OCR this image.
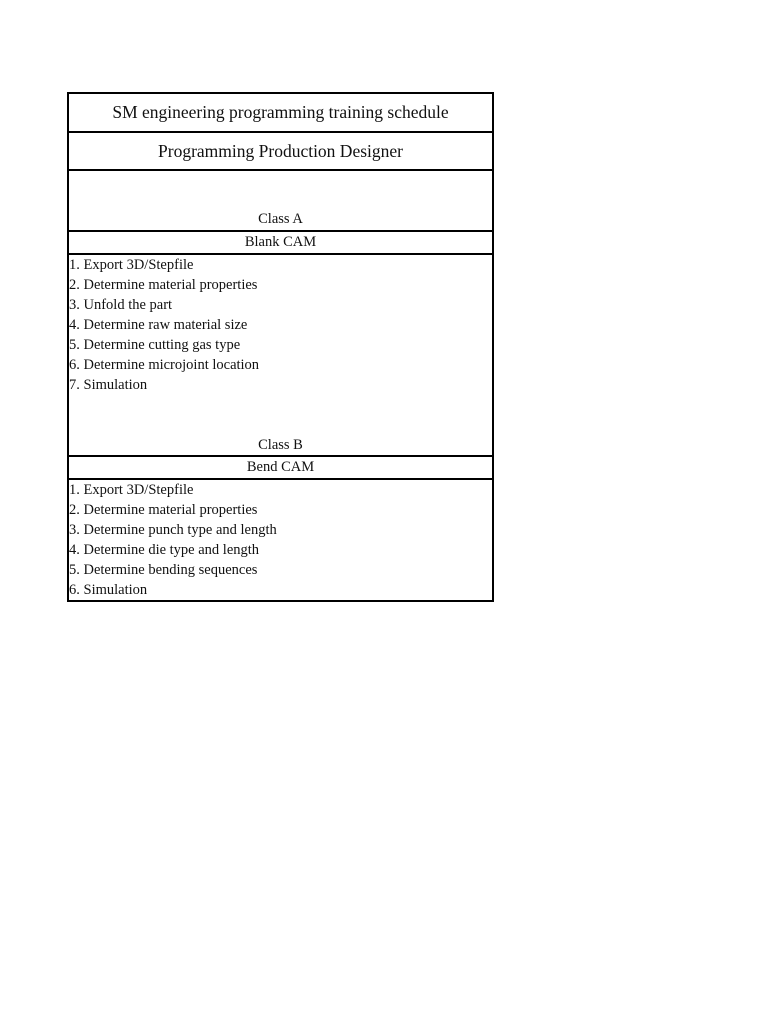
SM engineering programming training schedule
Programming Production Designer
Class A
Blank CAM
1. Export 3D/Stepfile
2. Determine material properties
3. Unfold the part
4. Determine raw material size
5. Determine cutting gas type
6. Determine microjoint location
7. Simulation
Class B
Bend CAM
1. Export 3D/Stepfile
2. Determine material properties
3. Determine punch type and length
4. Determine die type and length
5. Determine bending sequences
6. Simulation
